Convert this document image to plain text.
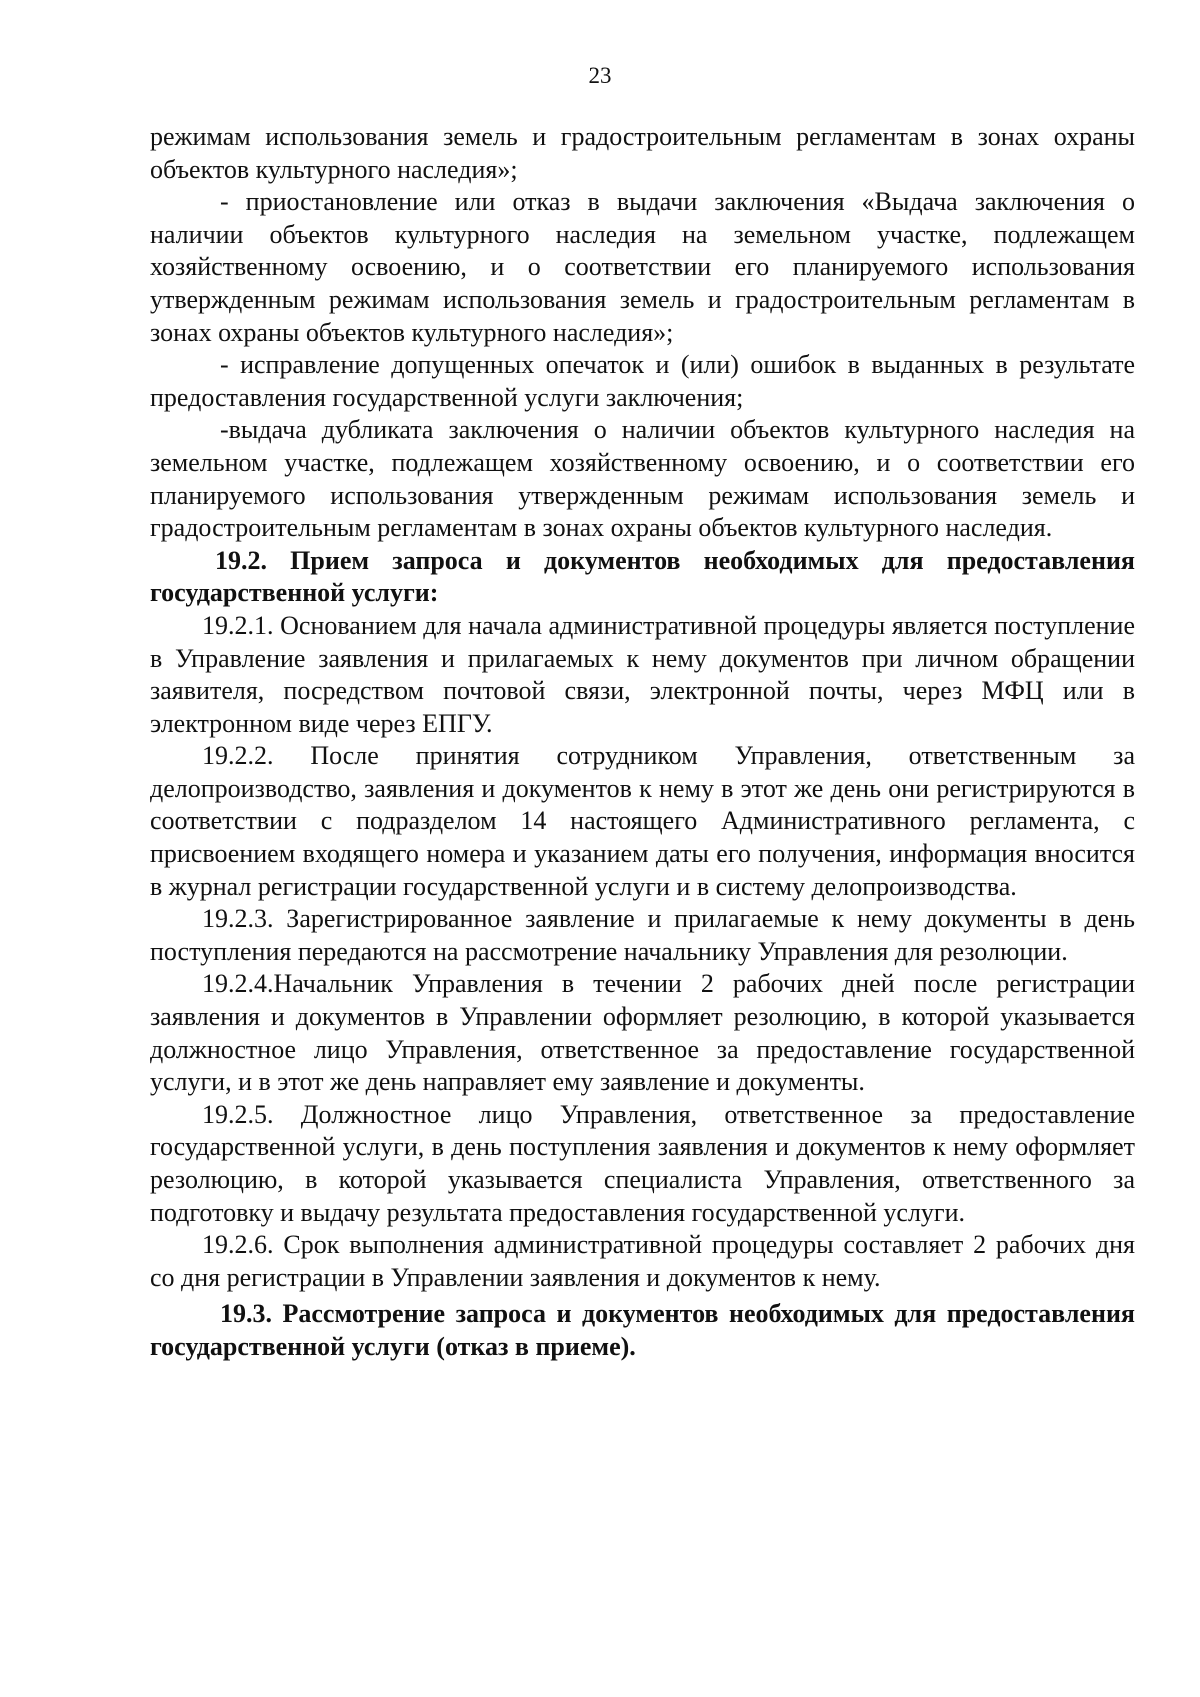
23

режимам использования земель и градостроительным регламентам в зонах охраны объектов культурного наследия»;

- приостановление или отказ в выдачи заключения «Выдача заключения о наличии объектов культурного наследия на земельном участке, подлежащем хозяйственному освоению, и о соответствии его планируемого использования утвержденным режимам использования земель и градостроительным регламентам в зонах охраны объектов культурного наследия»;

- исправление допущенных опечаток и (или) ошибок в выданных в результате предоставления государственной услуги заключения;

-выдача дубликата заключения о наличии объектов культурного наследия на земельном участке, подлежащем хозяйственному освоению, и о соответствии его планируемого использования утвержденным режимам использования земель и градостроительным регламентам в зонах охраны объектов культурного наследия.

19.2. Прием запроса и документов необходимых для предоставления государственной услуги:

19.2.1. Основанием для начала административной процедуры является поступление в Управление заявления и прилагаемых к нему документов при личном обращении заявителя, посредством почтовой связи, электронной почты, через МФЦ или в электронном виде через ЕПГУ.

19.2.2. После принятия сотрудником Управления, ответственным за делопроизводство, заявления и документов к нему в этот же день они регистрируются в соответствии с подразделом 14 настоящего Административного регламента, с присвоением входящего номера и указанием даты его получения, информация вносится в журнал регистрации государственной услуги и в систему делопроизводства.

19.2.3. Зарегистрированное заявление и прилагаемые к нему документы в день поступления передаются на рассмотрение начальнику Управления для резолюции.

19.2.4.Начальник Управления в течении 2 рабочих дней после регистрации заявления и документов в Управлении оформляет резолюцию, в которой указывается должностное лицо Управления, ответственное за предоставление государственной услуги, и в этот же день направляет ему заявление и документы.

19.2.5. Должностное лицо Управления, ответственное за предоставление государственной услуги, в день поступления заявления и документов к нему оформляет резолюцию, в которой указывается специалиста Управления, ответственного за подготовку и выдачу результата предоставления государственной услуги.

19.2.6. Срок выполнения административной процедуры составляет 2 рабочих дня со дня регистрации в Управлении заявления и документов к нему.

19.3. Рассмотрение запроса и документов необходимых для предоставления государственной услуги (отказ в приеме).
